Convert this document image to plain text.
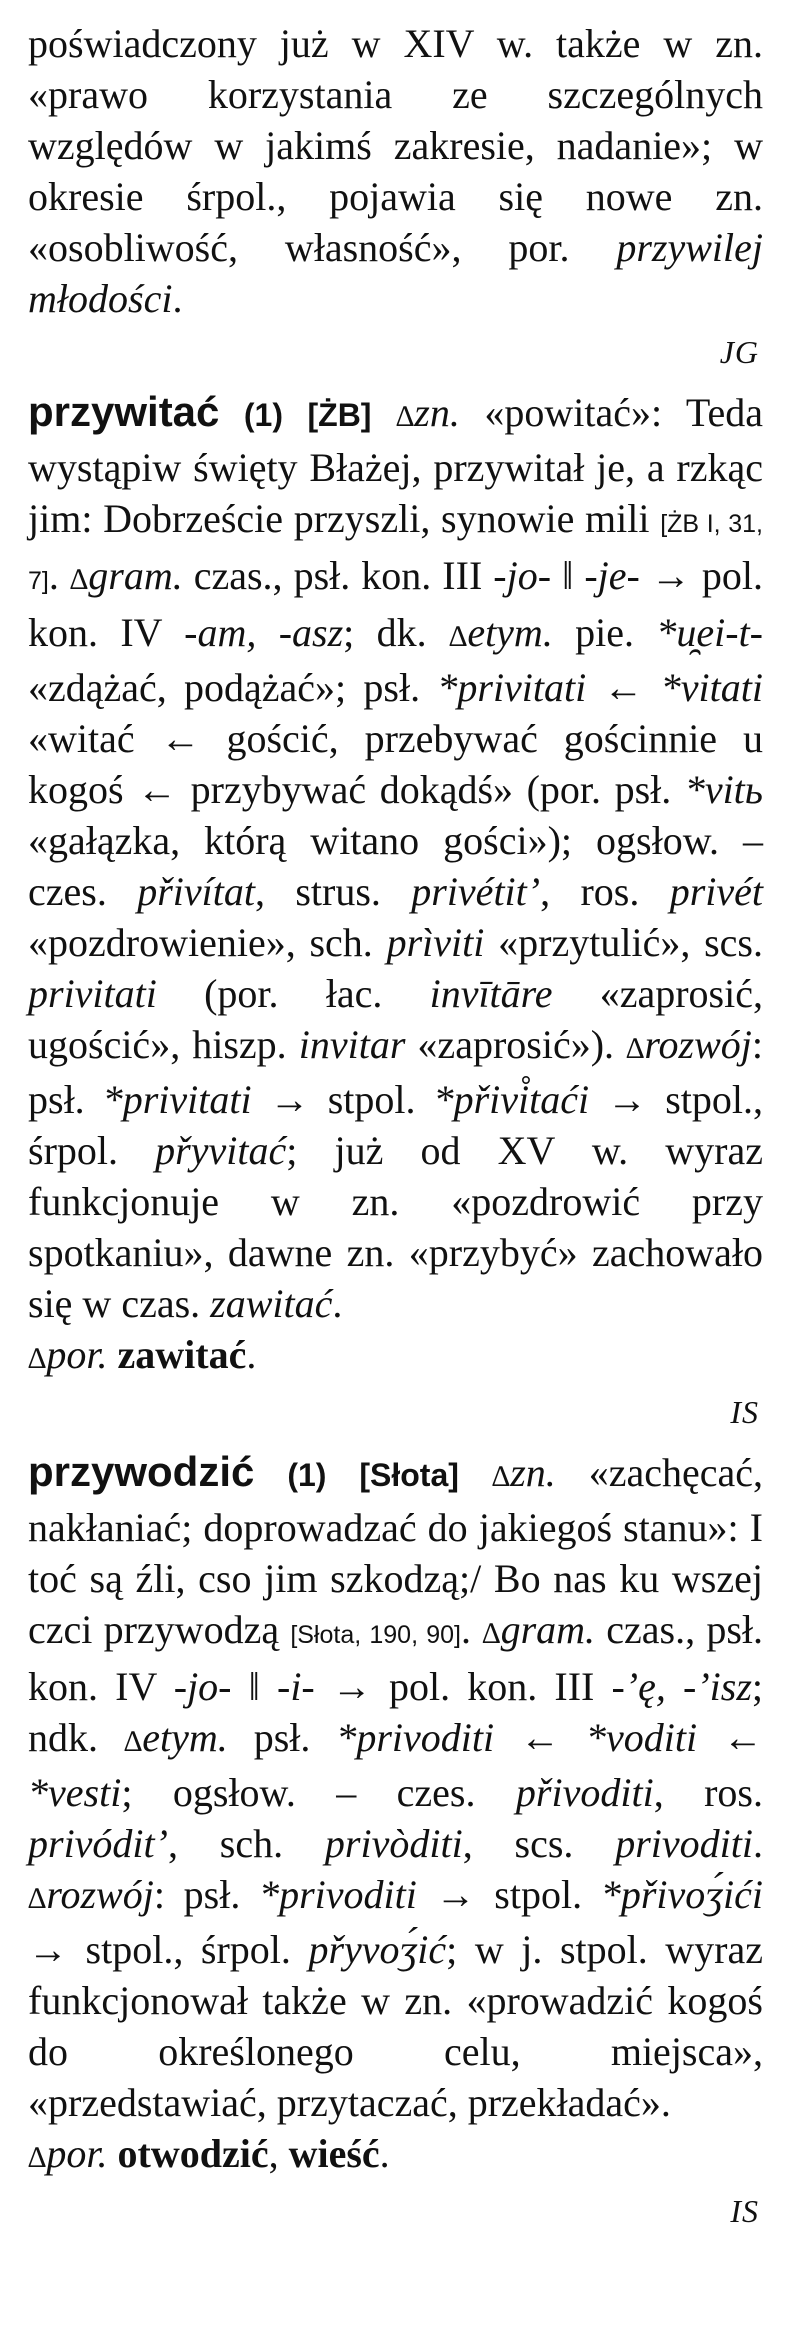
poświadczony już w XIV w. także w zn. «prawo korzystania ze szczególnych względów w jakimś zakresie, nadanie»; w okresie śrpol., pojawia się nowe zn. «osobliwość, własność», por. przywilej młodości.

JG

przywitać (1) [ŻB] ∆zn. «powitać»: Teda wystąpiw święty Błażej, przywitał je, a rzkąc jim: Dobrzeście przyszli, synowie mili [ŻB I, 31, 7]. ∆gram. czas., psł. kon. III -jo- ‖ -je- → pol. kon. IV -am, -asz; dk. ∆etym. pie. *u̯ei-t- «zdążać, podążać»; psł. *privitati ← *vitati «witać ← gościć, przebywać gościnnie u kogoś ← przybywać dokądś» (por. psł. *vitь «gałązka, którą witano gości»); ogsłow. – czes. přivítat, strus. privétit’, ros. privét «pozdrowienie», sch. prìviti «przytulić», scs. privitati (por. łac. invītāre «zaprosić, ugościć», hiszp. invitar «zaprosić»). ∆rozwój: psł. *privitati → stpol. *přivi̊taći → stpol., śrpol. přyvitać; już od XV w. wyraz funkcjonuje w zn. «pozdrowić przy spotkaniu», dawne zn. «przybyć» zachowało się w czas. zawitać.

∆por. zawitać.

IS

przywodzić (1) [Słota] ∆zn. «zachęcać, nakłaniać; doprowadzać do jakiegoś stanu»: I toć są źli, cso jim szkodzą;/ Bo nas ku wszej czci przywodzą [Słota, 190, 90]. ∆gram. czas., psł. kon. IV -jo- ‖ -i- → pol. kon. III -’ę, -’isz; ndk. ∆etym. psł. *privoditi ← *voditi ← *vesti; ogsłow. – czes. přivoditi, ros. privódit’, sch. privòditi, scs. privoditi. ∆rozwój: psł. *privoditi → stpol. *přivoʒ́ići → stpol., śrpol. přyvoʒ́ić; w j. stpol. wyraz funkcjonował także w zn. «prowadzić kogoś do określonego celu, miejsca», «przedstawiać, przytaczać, przekładać».

∆por. otwodzić, wieść.

IS
